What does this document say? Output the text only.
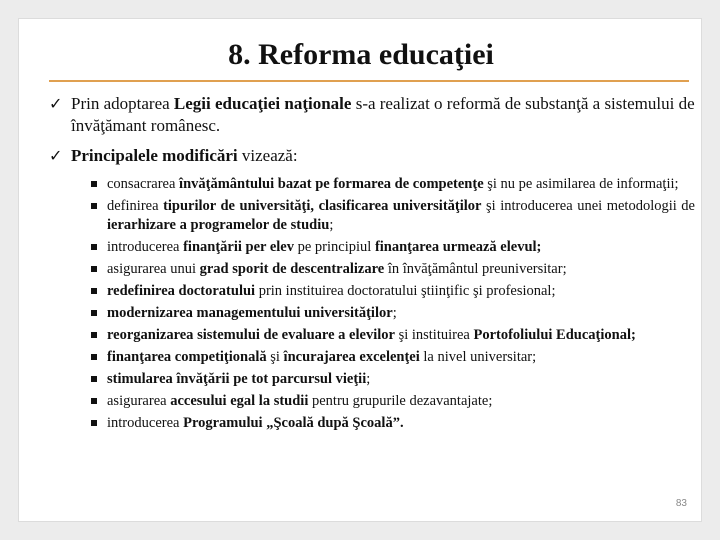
8. Reforma educaţiei
✓ Prin adoptarea Legii educaţiei naţionale s-a realizat o reformă de substanţă a sistemului de învăţămant românesc.
✓ Principalele modificări vizează:
consacrarea învăţământului bazat pe formarea de competenţe şi nu pe asimilarea de informaţii;
definirea tipurilor de universităţi, clasificarea universităţilor şi introducerea unei metodologii de ierarhizare a programelor de studiu;
introducerea finanţării per elev pe principiul finanţarea urmează elevul;
asigurarea unui grad sporit de descentralizare în învăţământul preuniversitar;
redefinirea doctoratului prin instituirea doctoratului ştiinţific şi profesional;
modernizarea managementului universităţilor;
reorganizarea sistemului de evaluare a elevilor şi instituirea Portofoliului Educaţional;
finanţarea competiţională şi încurajarea excelenţei la nivel universitar;
stimularea învăţării pe tot parcursul vieţii;
asigurarea accesului egal la studii pentru grupurile dezavantajate;
introducerea Programului „Şcoală după Şcoală”.
83
